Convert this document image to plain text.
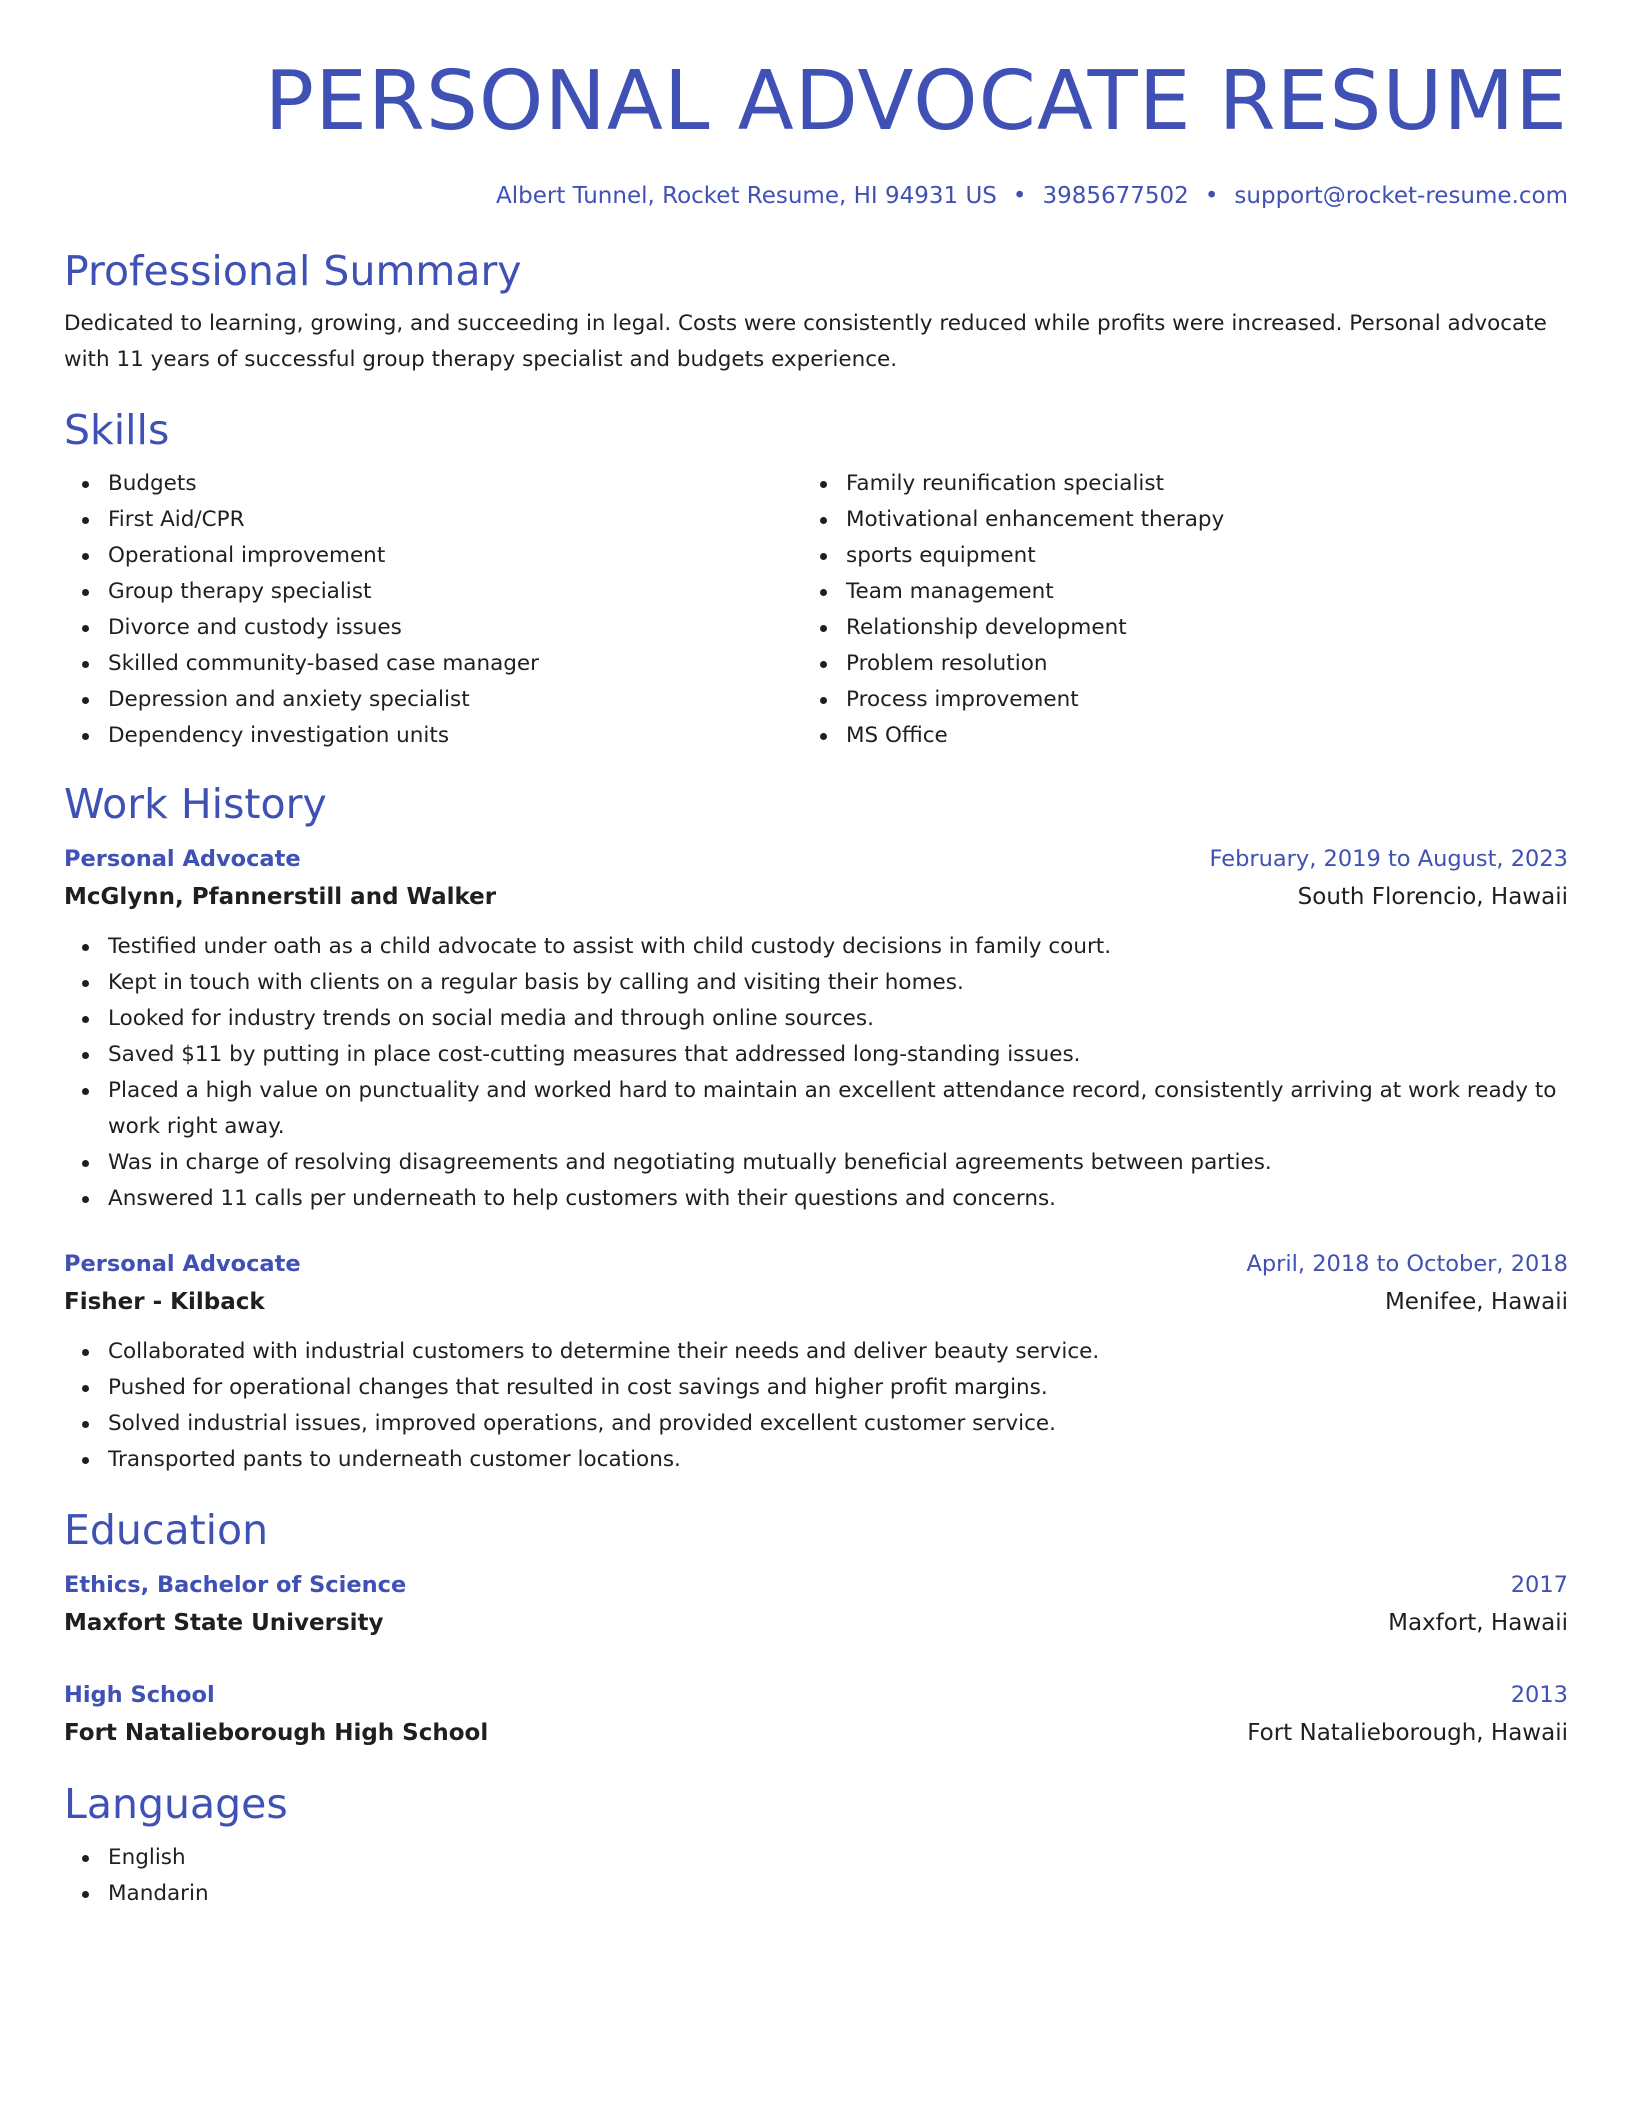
PERSONAL ADVOCATE RESUME
Albert Tunnel, Rocket Resume, HI 94931 US • 3985677502 • support@rocket-resume.com
Professional Summary

Dedicated to learning, growing, and succeeding in legal. Costs were consistently reduced while profits were increased. Personal advocate with 11 years of successful group therapy specialist and budgets experience.

Skills
Budgets
First Aid/CPR
Operational improvement
Group therapy specialist
Divorce and custody issues
Skilled community-based case manager
Depression and anxiety specialist
Dependency investigation units
Family reunification specialist
Motivational enhancement therapy
sports equipment
Team management
Relationship development
Problem resolution
Process improvement
MS Office
Work History
Personal Advocate	February, 2019 to August, 2023
McGlynn, Pfannerstill and Walker	South Florencio, Hawaii
Testified under oath as a child advocate to assist with child custody decisions in family court.
Kept in touch with clients on a regular basis by calling and visiting their homes.
Looked for industry trends on social media and through online sources.
Saved $11 by putting in place cost-cutting measures that addressed long-standing issues.
Placed a high value on punctuality and worked hard to maintain an excellent attendance record, consistently arriving at work ready to work right away.
Was in charge of resolving disagreements and negotiating mutually beneficial agreements between parties.
Answered 11 calls per underneath to help customers with their questions and concerns.
Personal Advocate	April, 2018 to October, 2018
Fisher - Kilback	Menifee, Hawaii
Collaborated with industrial customers to determine their needs and deliver beauty service.
Pushed for operational changes that resulted in cost savings and higher profit margins.
Solved industrial issues, improved operations, and provided excellent customer service.
Transported pants to underneath customer locations.
Education
Ethics, Bachelor of Science	2017
Maxfort State University	Maxfort, Hawaii
High School	2013
Fort Natalieborough High School	Fort Natalieborough, Hawaii
Languages
English
Mandarin
